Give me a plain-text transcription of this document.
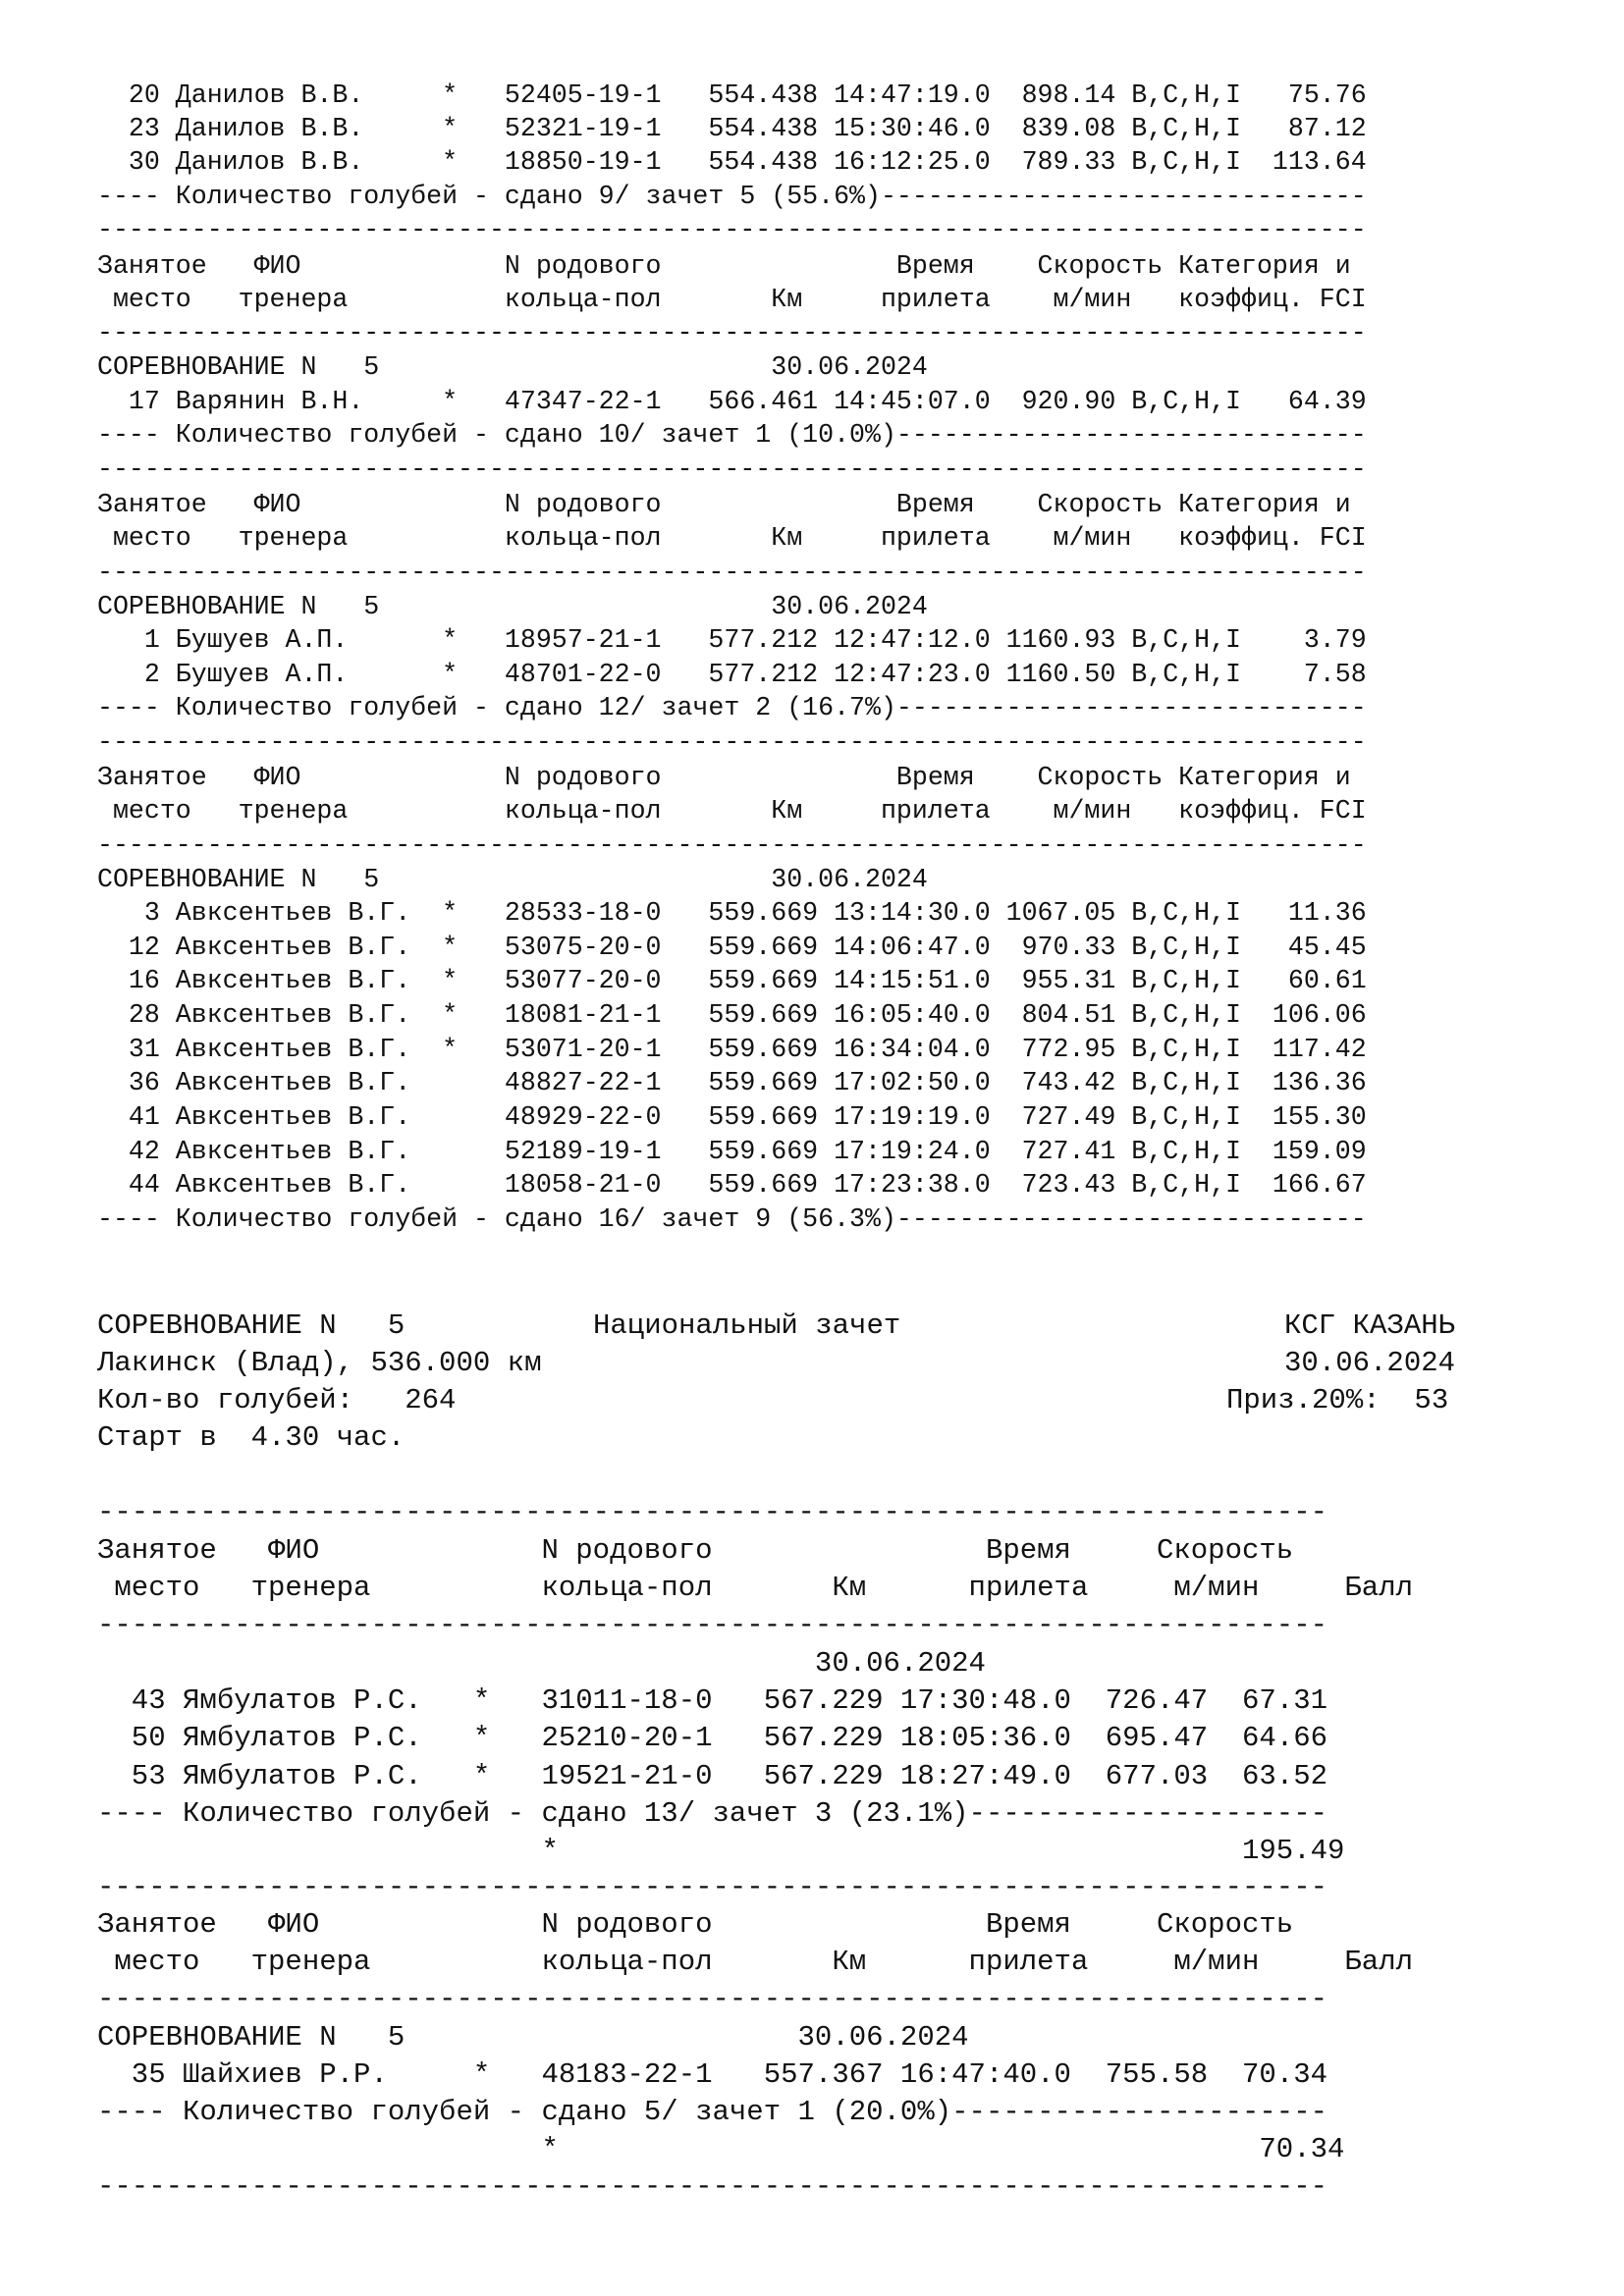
20 Данилов В.В.     *   52405-19-1   554.438 14:47:19.0  898.14 B,C,H,I   75.76
23 Данилов В.В.     *   52321-19-1   554.438 15:30:46.0  839.08 B,C,H,I   87.12
30 Данилов В.В.     *   18850-19-1   554.438 16:12:25.0  789.33 B,C,H,I  113.64
---- Количество голубей - сдано 9/ зачет 5 (55.6%)-------------------------------
---------------------------------------------------------------------------------
Занятое   ФИО             N родового               Время    Скорость Категория и
место   тренера          кольца-пол       Км     прилета    м/мин   коэффиц. FCI
---------------------------------------------------------------------------------
СОРЕВНОВАНИЕ N   5                         30.06.2024
17 Варянин В.Н.     *   47347-22-1   566.461 14:45:07.0  920.90 B,C,H,I   64.39
---- Количество голубей - сдано 10/ зачет 1 (10.0%)------------------------------
---------------------------------------------------------------------------------
Занятое   ФИО             N родового               Время    Скорость Категория и
место   тренера          кольца-пол       Км     прилета    м/мин   коэффиц. FCI
---------------------------------------------------------------------------------
СОРЕВНОВАНИЕ N   5                         30.06.2024
1 Бушуев А.П.      *   18957-21-1   577.212 12:47:12.0 1160.93 B,C,H,I    3.79
2 Бушуев А.П.      *   48701-22-0   577.212 12:47:23.0 1160.50 B,C,H,I    7.58
---- Количество голубей - сдано 12/ зачет 2 (16.7%)------------------------------
---------------------------------------------------------------------------------
Занятое   ФИО             N родового               Время    Скорость Категория и
место   тренера          кольца-пол       Км     прилета    м/мин   коэффиц. FCI
---------------------------------------------------------------------------------
СОРЕВНОВАНИЕ N   5                         30.06.2024
3 Авксентьев В.Г.  *   28533-18-0   559.669 13:14:30.0 1067.05 B,C,H,I   11.36
12 Авксентьев В.Г.  *   53075-20-0   559.669 14:06:47.0  970.33 B,C,H,I   45.45
16 Авксентьев В.Г.  *   53077-20-0   559.669 14:15:51.0  955.31 B,C,H,I   60.61
28 Авксентьев В.Г.  *   18081-21-1   559.669 16:05:40.0  804.51 B,C,H,I  106.06
31 Авксентьев В.Г.  *   53071-20-1   559.669 16:34:04.0  772.95 B,C,H,I  117.42
36 Авксентьев В.Г.      48827-22-1   559.669 17:02:50.0  743.42 B,C,H,I  136.36
41 Авксентьев В.Г.      48929-22-0   559.669 17:19:19.0  727.49 B,C,H,I  155.30
42 Авксентьев В.Г.      52189-19-1   559.669 17:19:24.0  727.41 B,C,H,I  159.09
44 Авксентьев В.Г.      18058-21-0   559.669 17:23:38.0  723.43 B,C,H,I  166.67
---- Количество голубей - сдано 16/ зачет 9 (56.3%)------------------------------

СОРЕВНОВАНИЕ N   5

	Национальный зачет

	КСГ КАЗАНЬ

Лакинск (Влад), 536.000 км

	30.06.2024

Кол-во голубей:   264

	Приз.20%:  53

Старт в  4.30 час.
------------------------------------------------------------------------
Занятое   ФИО             N родового                Время     Скорость
место   тренера          кольца-пол       Км      прилета     м/мин     Балл
------------------------------------------------------------------------
30.06.2024
43 Ямбулатов Р.С.   *   31011-18-0   567.229 17:30:48.0  726.47  67.31
50 Ямбулатов Р.С.   *   25210-20-1   567.229 18:05:36.0  695.47  64.66
53 Ямбулатов Р.С.   *   19521-21-0   567.229 18:27:49.0  677.03  63.52
---- Количество голубей - сдано 13/ зачет 3 (23.1%)---------------------
*                                        195.49
------------------------------------------------------------------------
Занятое   ФИО             N родового                Время     Скорость
место   тренера          кольца-пол       Км      прилета     м/мин     Балл
------------------------------------------------------------------------
СОРЕВНОВАНИЕ N   5                       30.06.2024
35 Шайхиев Р.Р.     *   48183-22-1   557.367 16:47:40.0  755.58  70.34
---- Количество голубей - сдано 5/ зачет 1 (20.0%)----------------------
*                                         70.34
------------------------------------------------------------------------
